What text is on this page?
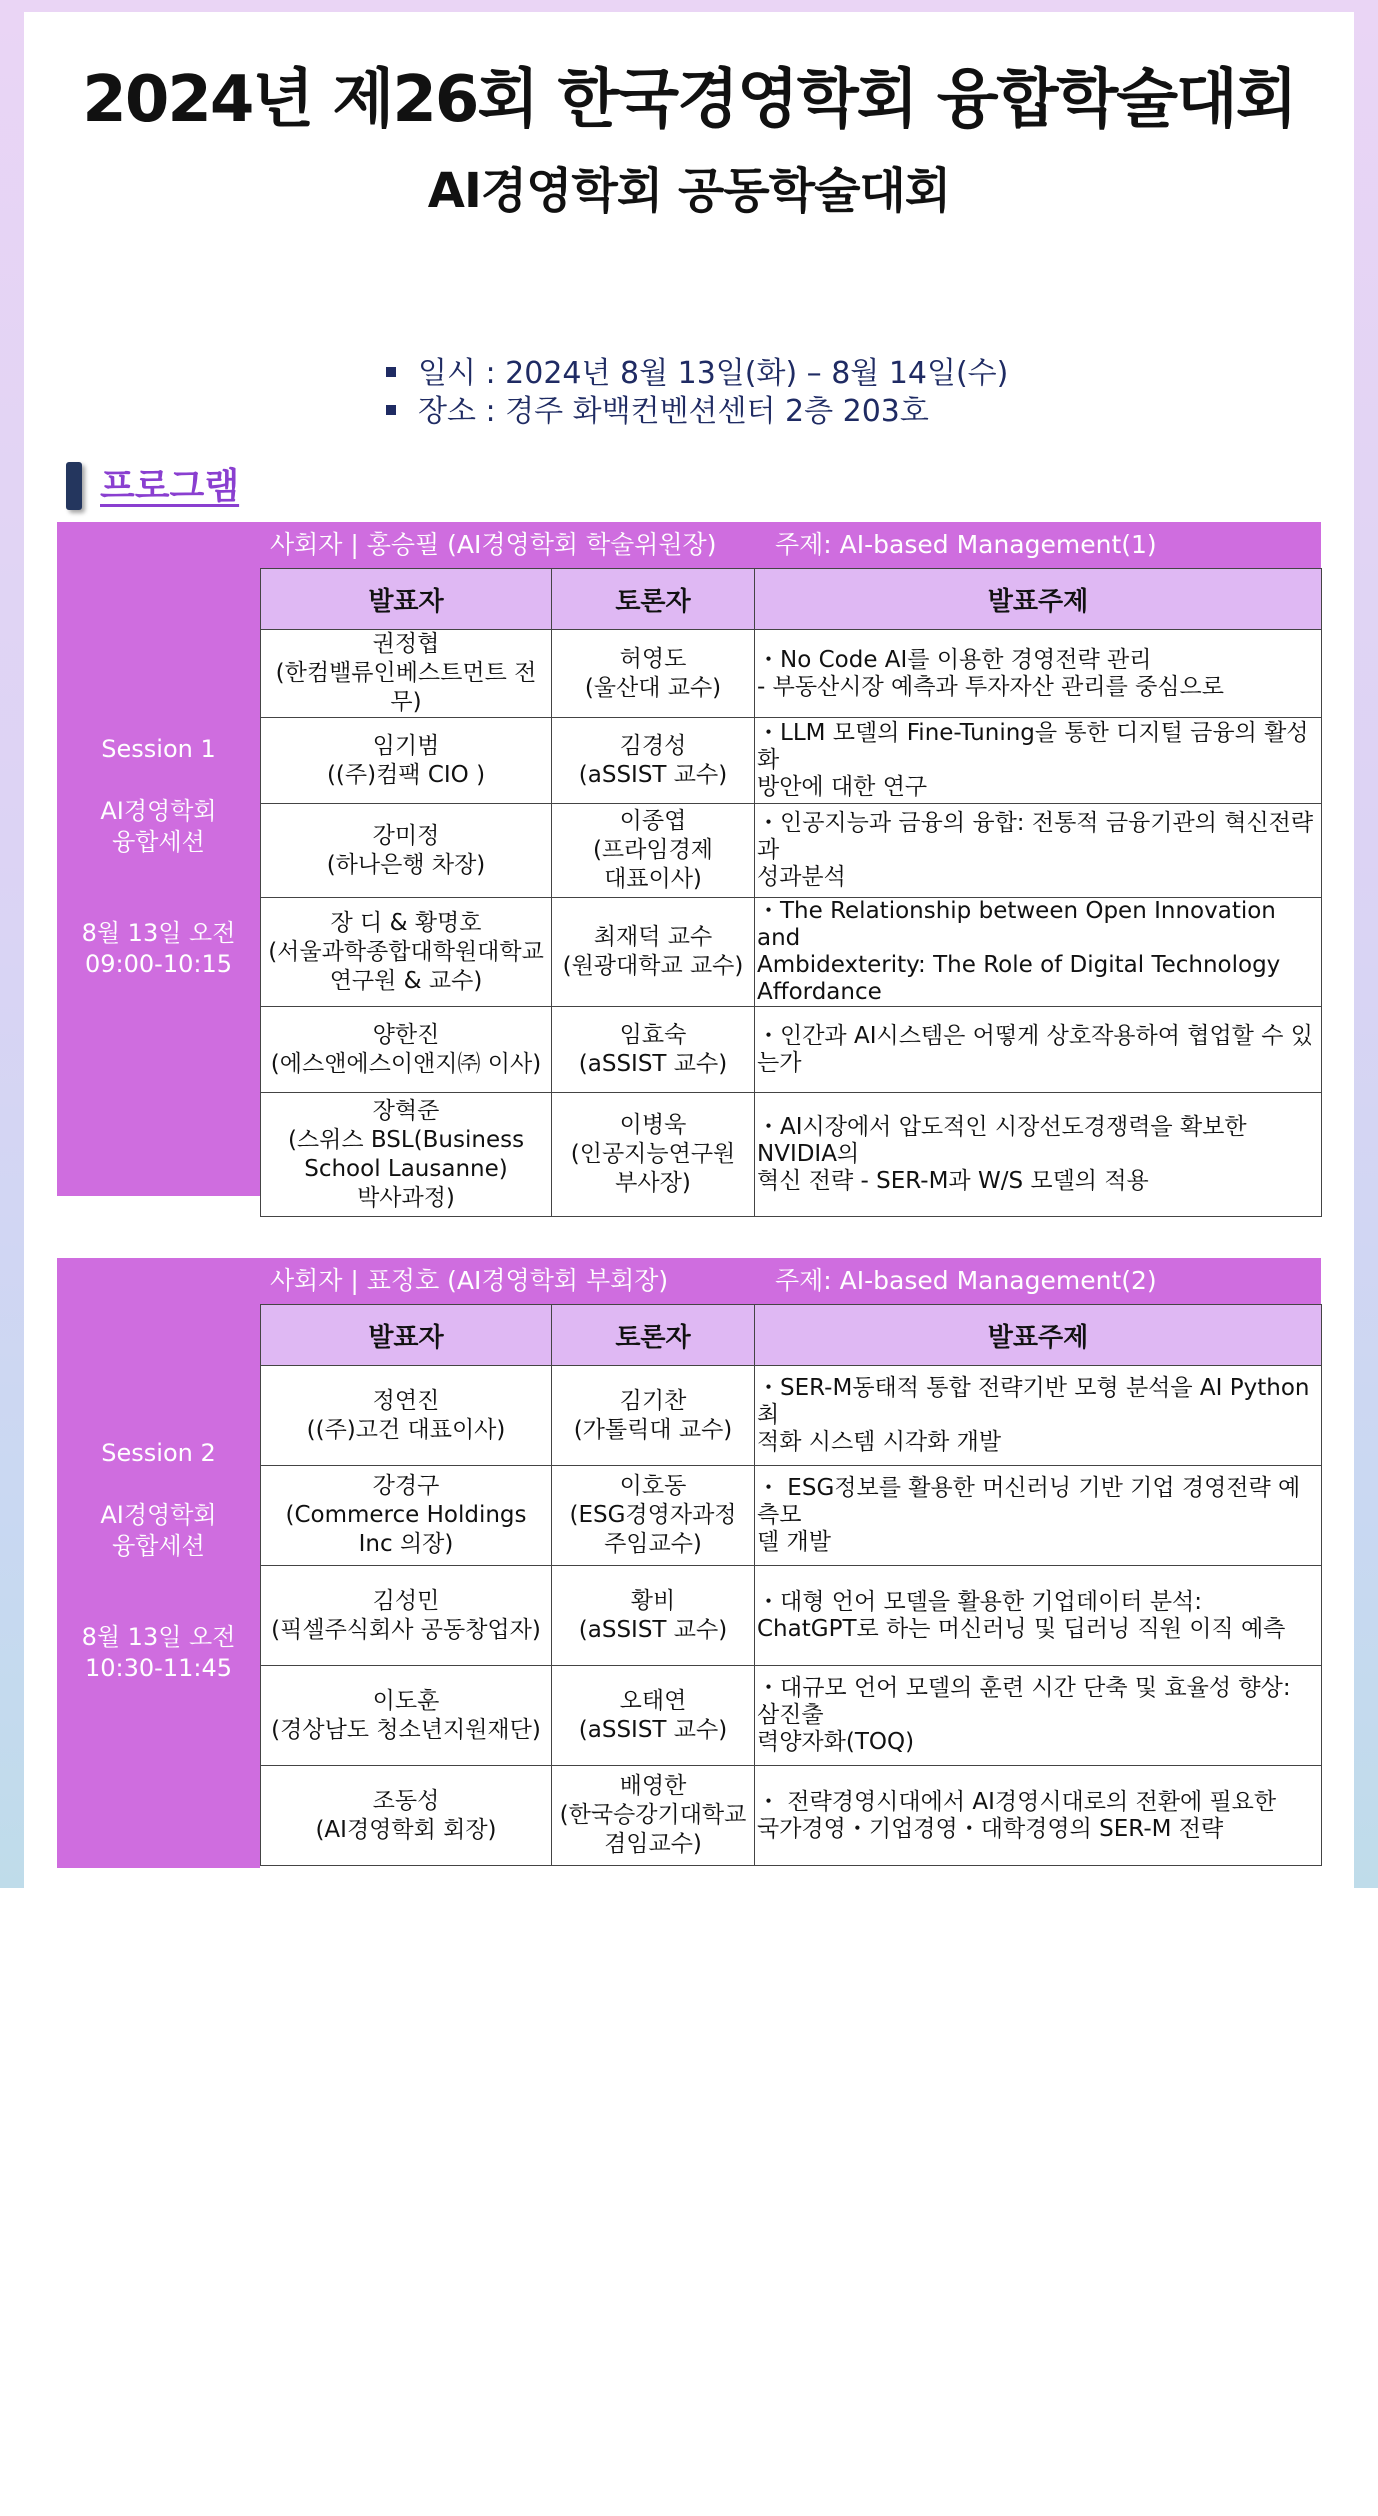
2024년 제26회 한국경영학회 융합학술대회
AI경영학회 공동학술대회
일시 : 2024년 8월 13일(화) – 8월 14일(수)
장소 : 경주 화백컨벤션센터 2층 203호
프로그램
Session 1
AI경영학회
융합세션
8월 13일 오전
09:00-10:15
사회자 | 홍승필 (AI경영학회 학술위원장) 주제: AI-based Management(1)
발표자	토론자	발표주제

권정협
(한컴밸류인베스트먼트 전무)	허영도
(울산대 교수)	・No Code AI를 이용한 경영전략 관리
- 부동산시장 예측과 투자자산 관리를 중심으로

임기범
((주)컴팩 CIO )	김경성
(aSSIST 교수)	・LLM 모델의 Fine-Tuning을 통한 디지털 금융의 활성화
방안에 대한 연구

강미정
(하나은행 차장)	이종엽
(프라임경제
대표이사)	・인공지능과 금융의 융합: 전통적 금융기관의 혁신전략과
성과분석

장 디 & 황명호
(서울과학종합대학원대학교
연구원 & 교수)	최재덕 교수
(원광대학교 교수)	・The Relationship between Open Innovation and
Ambidexterity: The Role of Digital Technology
Affordance

양한진
(에스앤에스이앤지㈜ 이사)	임효숙
(aSSIST 교수)	・인간과 AI시스템은 어떻게 상호작용하여 협업할 수 있는가

장혁준
(스위스 BSL(Business
School Lausanne)
박사과정)	이병욱
(인공지능연구원
부사장)	・AI시장에서 압도적인 시장선도경쟁력을 확보한 NVIDIA의
혁신 전략 - SER-M과 W/S 모델의 적용
Session 2
AI경영학회
융합세션
8월 13일 오전
10:30-11:45
사회자 | 표정호 (AI경영학회 부회장)	주제: AI-based Management(2)
발표자	토론자	발표주제

정연진
((주)고건 대표이사)	김기찬
(가톨릭대 교수)	・SER-M동태적 통합 전략기반 모형 분석을 AI Python 최
적화 시스템 시각화 개발

강경구
(Commerce Holdings
Inc 의장)	이호동
(ESG경영자과정
주임교수)	・ ESG정보를 활용한 머신러닝 기반 기업 경영전략 예측모
델 개발

김성민
(픽셀주식회사 공동창업자)	황비
(aSSIST 교수)	・대형 언어 모델을 활용한 기업데이터 분석:
ChatGPT로 하는 머신러닝 및 딥러닝 직원 이직 예측

이도훈
(경상남도 청소년지원재단)	오태연
(aSSIST 교수)	・대규모 언어 모델의 훈련 시간 단축 및 효율성 향상: 삼진출
력양자화(TOQ)

조동성
(AI경영학회 회장)	배영한
(한국승강기대학교
겸임교수)	・ 전략경영시대에서 AI경영시대로의 전환에 필요한
국가경영・기업경영・대학경영의 SER-M 전략
